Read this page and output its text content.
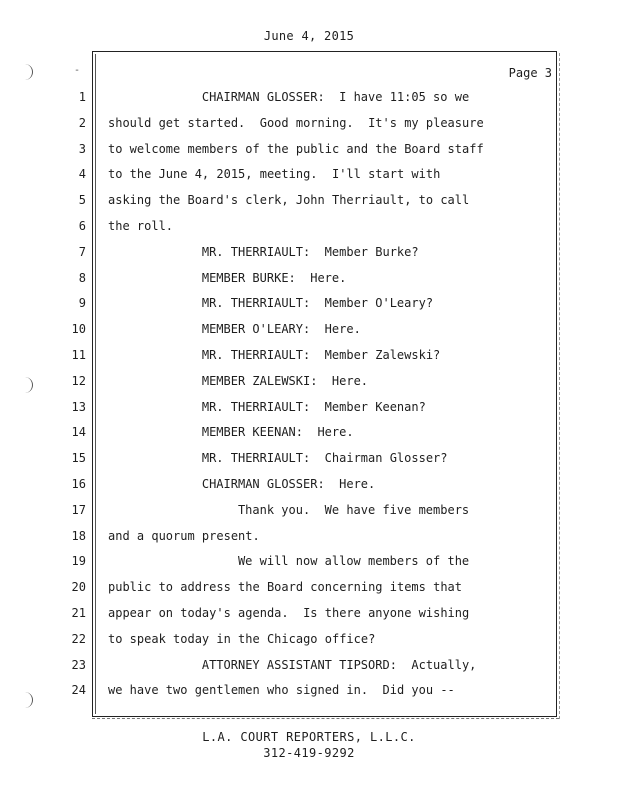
June 4, 2015
-	Page 3
1	CHAIRMAN GLOSSER:  I have 11:05 so we
2 should get started.  Good morning.  It's my pleasure
3 to welcome members of the public and the Board staff
4 to the June 4, 2015, meeting.  I'll start with
5 asking the Board's clerk, John Therriault, to call
6 the roll.
7	MR. THERRIAULT:  Member Burke?
8	MEMBER BURKE:  Here.
9	MR. THERRIAULT:  Member O'Leary?
10	MEMBER O'LEARY:  Here.
11	MR. THERRIAULT:  Member Zalewski?
12	MEMBER ZALEWSKI:  Here.
13	MR. THERRIAULT:  Member Keenan?
14	MEMBER KEENAN:  Here.
15	MR. THERRIAULT:  Chairman Glosser?
16	CHAIRMAN GLOSSER:  Here.
17	Thank you.  We have five members
18 and a quorum present.
19	We will now allow members of the
20 public to address the Board concerning items that
21 appear on today's agenda.  Is there anyone wishing
22 to speak today in the Chicago office?
23	ATTORNEY ASSISTANT TIPSORD:  Actually,
24 we have two gentlemen who signed in.  Did you --
L.A. COURT REPORTERS, L.L.C.
312-419-9292
